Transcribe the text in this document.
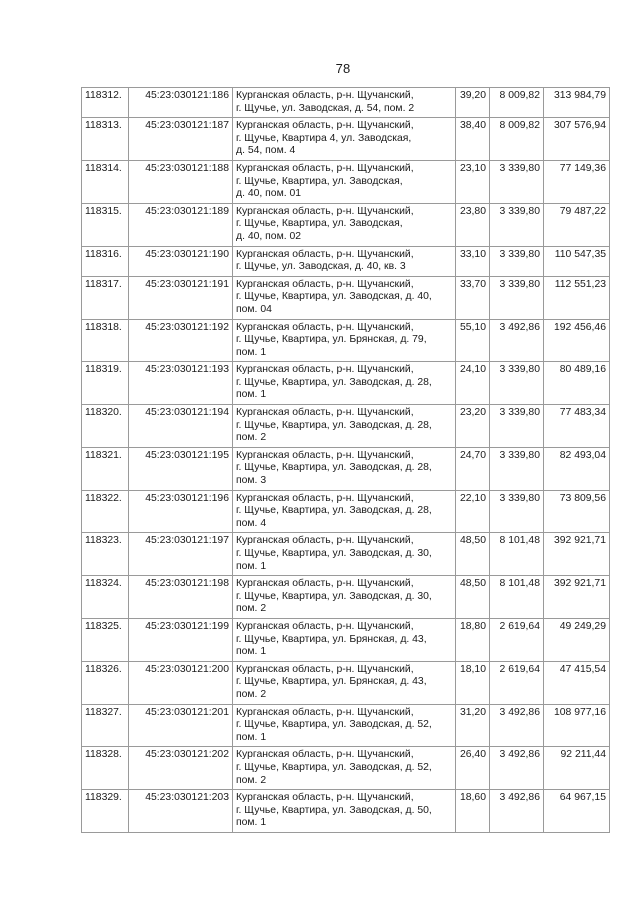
78
118312.	45:23:030121:186	Курганская область, р-н. Щучанский,
г. Щучье, ул. Заводская, д. 54, пом. 2	39,20	8 009,82	313 984,79
118313.	45:23:030121:187	Курганская область, р-н. Щучанский,
г. Щучье, Квартира 4, ул. Заводская,
д. 54, пом. 4	38,40	8 009,82	307 576,94
118314.	45:23:030121:188	Курганская область, р-н. Щучанский,
г. Щучье, Квартира, ул. Заводская,
д. 40, пом. 01	23,10	3 339,80	77 149,36
118315.	45:23:030121:189	Курганская область, р-н. Щучанский,
г. Щучье, Квартира, ул. Заводская,
д. 40, пом. 02	23,80	3 339,80	79 487,22
118316.	45:23:030121:190	Курганская область, р-н. Щучанский,
г. Щучье, ул. Заводская, д. 40, кв. 3	33,10	3 339,80	110 547,35
118317.	45:23:030121:191	Курганская область, р-н. Щучанский,
г. Щучье, Квартира, ул. Заводская, д. 40,
пом. 04	33,70	3 339,80	112 551,23
118318.	45:23:030121:192	Курганская область, р-н. Щучанский,
г. Щучье, Квартира, ул. Брянская, д. 79,
пом. 1	55,10	3 492,86	192 456,46
118319.	45:23:030121:193	Курганская область, р-н. Щучанский,
г. Щучье, Квартира, ул. Заводская, д. 28,
пом. 1	24,10	3 339,80	80 489,16
118320.	45:23:030121:194	Курганская область, р-н. Щучанский,
г. Щучье, Квартира, ул. Заводская, д. 28,
пом. 2	23,20	3 339,80	77 483,34
118321.	45:23:030121:195	Курганская область, р-н. Щучанский,
г. Щучье, Квартира, ул. Заводская, д. 28,
пом. 3	24,70	3 339,80	82 493,04
118322.	45:23:030121:196	Курганская область, р-н. Щучанский,
г. Щучье, Квартира, ул. Заводская, д. 28,
пом. 4	22,10	3 339,80	73 809,56
118323.	45:23:030121:197	Курганская область, р-н. Щучанский,
г. Щучье, Квартира, ул. Заводская, д. 30,
пом. 1	48,50	8 101,48	392 921,71
118324.	45:23:030121:198	Курганская область, р-н. Щучанский,
г. Щучье, Квартира, ул. Заводская, д. 30,
пом. 2	48,50	8 101,48	392 921,71
118325.	45:23:030121:199	Курганская область, р-н. Щучанский,
г. Щучье, Квартира, ул. Брянская, д. 43,
пом. 1	18,80	2 619,64	49 249,29
118326.	45:23:030121:200	Курганская область, р-н. Щучанский,
г. Щучье, Квартира, ул. Брянская, д. 43,
пом. 2	18,10	2 619,64	47 415,54
118327.	45:23:030121:201	Курганская область, р-н. Щучанский,
г. Щучье, Квартира, ул. Заводская, д. 52,
пом. 1	31,20	3 492,86	108 977,16
118328.	45:23:030121:202	Курганская область, р-н. Щучанский,
г. Щучье, Квартира, ул. Заводская, д. 52,
пом. 2	26,40	3 492,86	92 211,44
118329.	45:23:030121:203	Курганская область, р-н. Щучанский,
г. Щучье, Квартира, ул. Заводская, д. 50,
пом. 1	18,60	3 492,86	64 967,15
